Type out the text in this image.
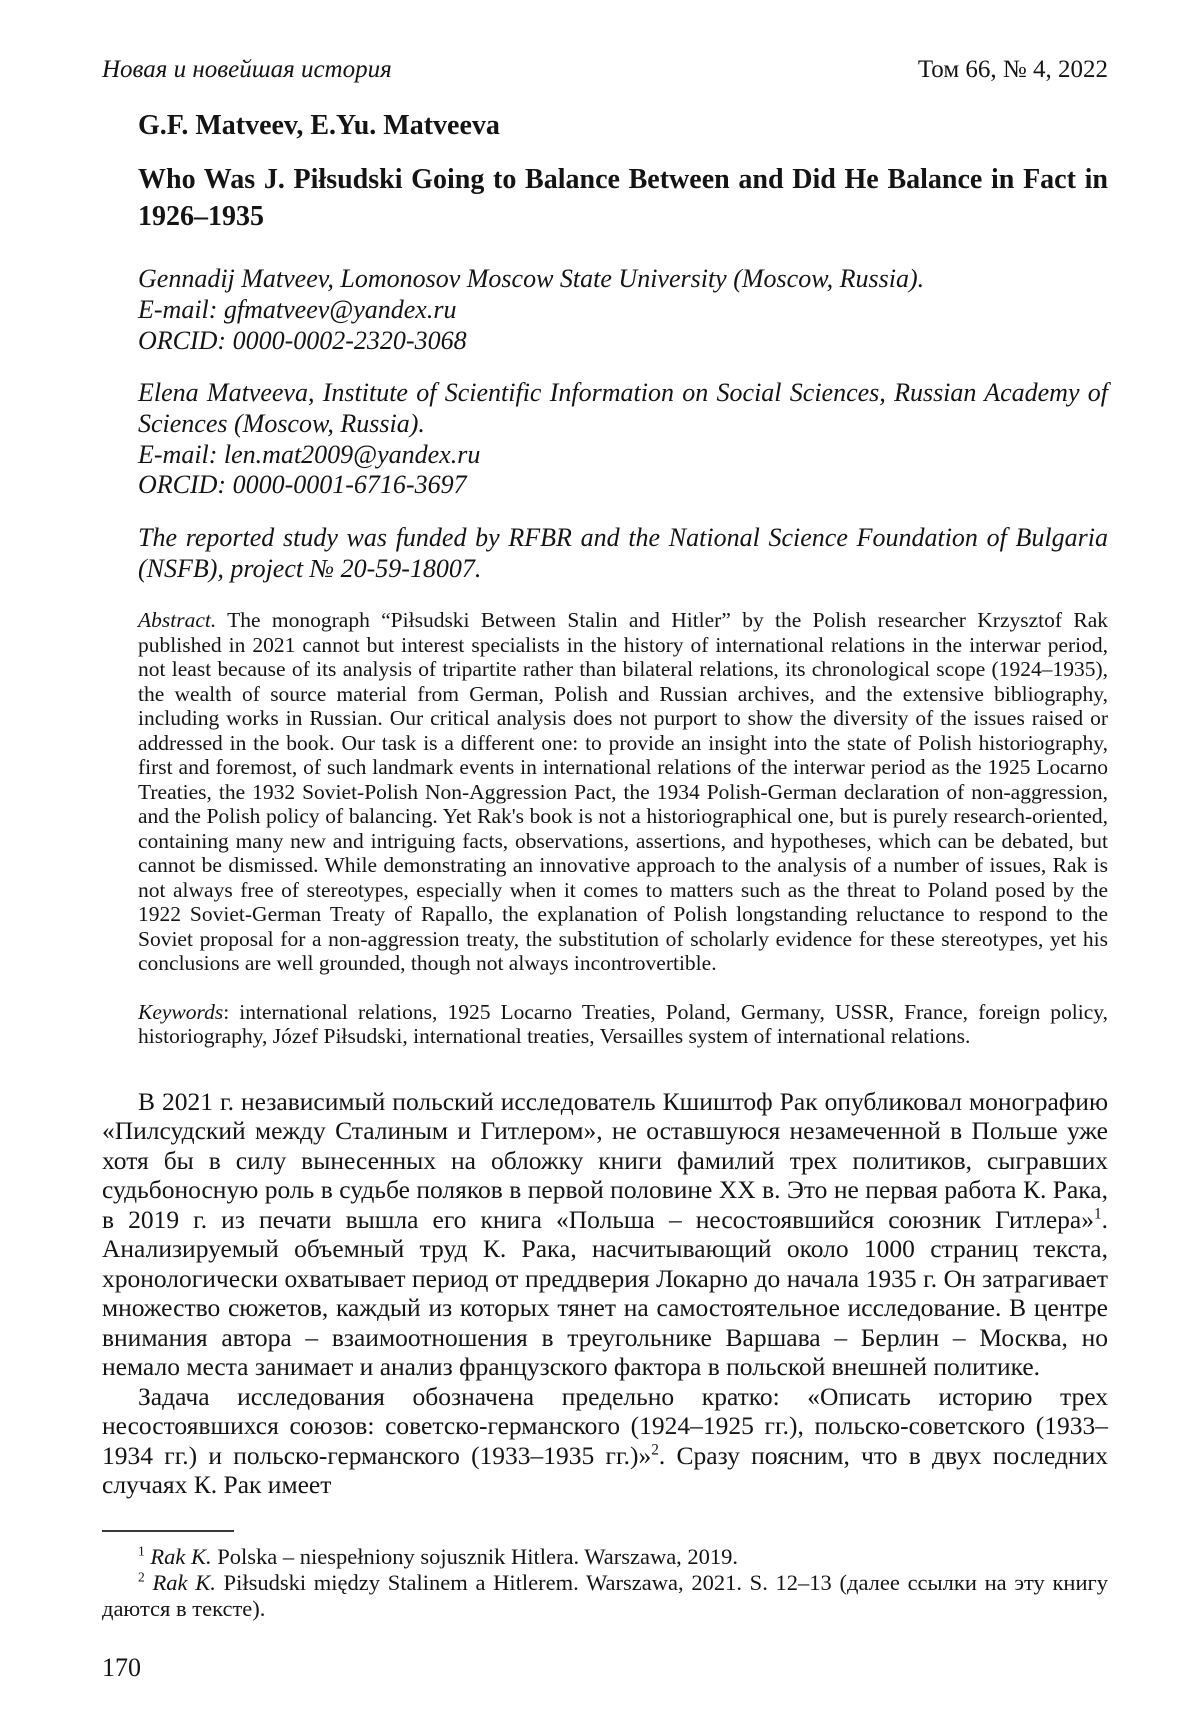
Новая и новейшая история	Том 66, № 4, 2022

G.F. Matveev, E.Yu. Matveeva

Who Was J. Piłsudski Going to Balance Between and Did He Balance in Fact in 1926–1935

Gennadij Matveev, Lomonosov Moscow State University (Moscow, Russia).

E-mail: gfmatveev@yandex.ru

ORCID: 0000-0002-2320-3068

Elena Matveeva, Institute of Scientific Information on Social Sciences, Russian Academy of Sciences (Moscow, Russia).

E-mail: len.mat2009@yandex.ru

ORCID: 0000-0001-6716-3697

The reported study was funded by RFBR and the National Science Foundation of Bulgaria (NSFB), project № 20-59-18007.

Abstract. The monograph “Piłsudski Between Stalin and Hitler” by the Polish researcher Krzysztof Rak published in 2021 cannot but interest specialists in the history of international relations in the interwar period, not least because of its analysis of tripartite rather than bilateral relations, its chronological scope (1924–1935), the wealth of source material from German, Polish and Russian archives, and the extensive bibliography, including works in Russian. Our critical analysis does not purport to show the diversity of the issues raised or addressed in the book. Our task is a different one: to provide an insight into the state of Polish historiography, first and foremost, of such landmark events in international relations of the interwar period as the 1925 Locarno Treaties, the 1932 Soviet-Polish Non-Aggression Pact, the 1934 Polish-German declaration of non-aggression, and the Polish policy of balancing. Yet Rak's book is not a historiographical one, but is purely research-oriented, containing many new and intriguing facts, observations, assertions, and hypotheses, which can be debated, but cannot be dismissed. While demonstrating an innovative approach to the analysis of a number of issues, Rak is not always free of stereotypes, especially when it comes to matters such as the threat to Poland posed by the 1922 Soviet-German Treaty of Rapallo, the explanation of Polish longstanding reluctance to respond to the Soviet proposal for a non-aggression treaty, the substitution of scholarly evidence for these stereotypes, yet his conclusions are well grounded, though not always incontrovertible.

Keywords: international relations, 1925 Locarno Treaties, Poland, Germany, USSR, France, foreign policy, historiography, Józef Piłsudski, international treaties, Versailles system of international relations.

В 2021 г. независимый польский исследователь Кшиштоф Рак опубликовал монографию «Пилсудский между Сталиным и Гитлером», не оставшуюся незамеченной в Польше уже хотя бы в силу вынесенных на обложку книги фамилий трех политиков, сыгравших судьбоносную роль в судьбе поляков в первой половине XX в. Это не первая работа К. Рака, в 2019 г. из печати вышла его книга «Польша – несостоявшийся союзник Гитлера»$^1$. Анализируемый объемный труд К. Рака, насчитывающий около 1000 страниц текста, хронологически охватывает период от преддверия Локарно до начала 1935 г. Он затрагивает множество сюжетов, каждый из которых тянет на самостоятельное исследование. В центре внимания автора – взаимоотношения в треугольнике Варшава – Берлин – Москва, но немало места занимает и анализ французского фактора в польской внешней политике.

Задача исследования обозначена предельно кратко: «Описать историю трех несостоявшихся союзов: советско-германского (1924–1925 гг.), польско-советского (1933–1934 гг.) и польско-германского (1933–1935 гг.)»$^2$. Сразу поясним, что в двух последних случаях К. Рак имеет

$^1$ Rak K. Polska – niespełniony sojusznik Hitlera. Warszawa, 2019.

$^2$ Rak K. Piłsudski między Stalinem a Hitlerem. Warszawa, 2021. S. 12–13 (далее ссылки на эту книгу даются в тексте).

170
